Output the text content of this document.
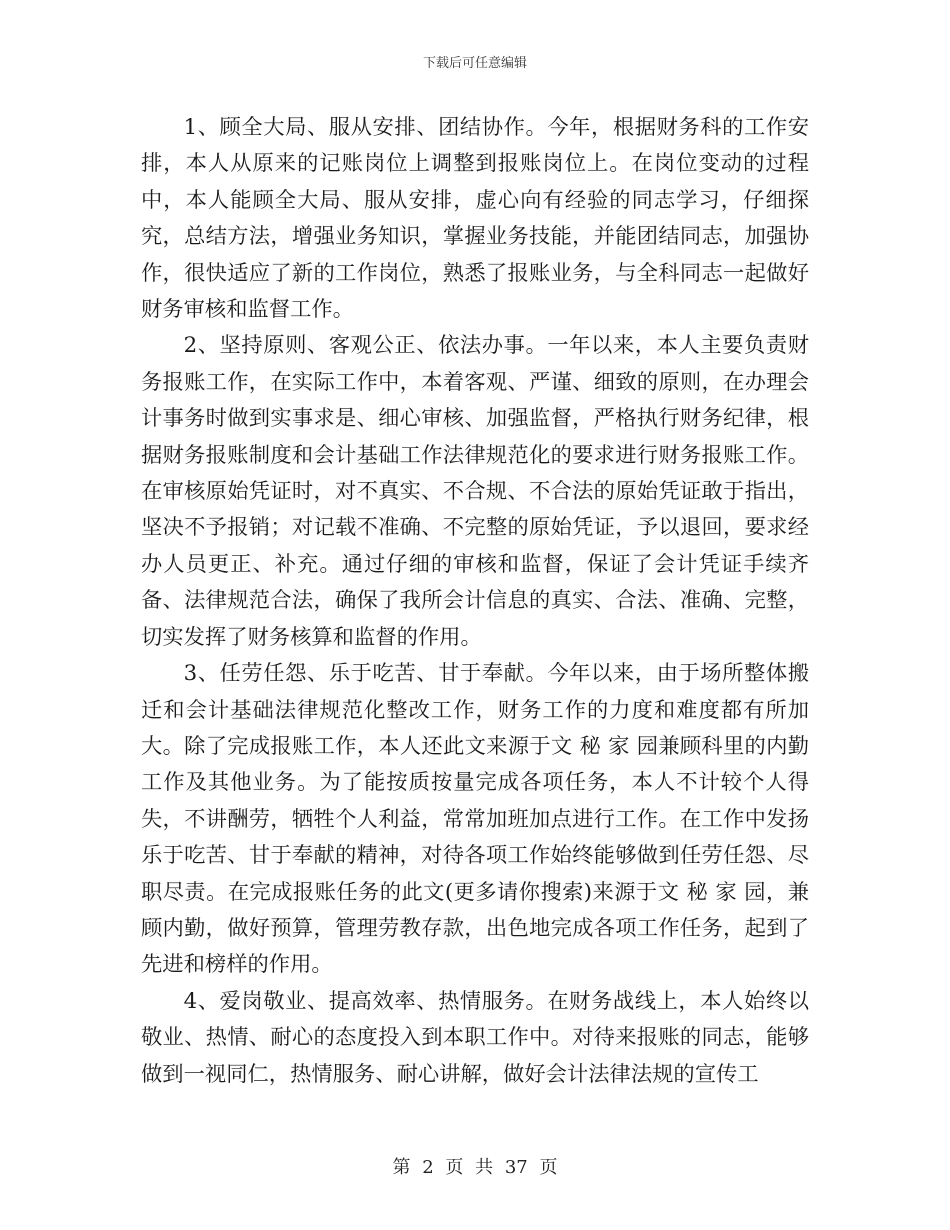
下载后可任意编辑

1、顾全大局、服从安排、团结协作。今年，根据财务科的工作安排，本人从原来的记账岗位上调整到报账岗位上。在岗位变动的过程中，本人能顾全大局、服从安排，虚心向有经验的同志学习，仔细探究，总结方法，增强业务知识，掌握业务技能，并能团结同志，加强协作，很快适应了新的工作岗位，熟悉了报账业务，与全科同志一起做好财务审核和监督工作。

2、坚持原则、客观公正、依法办事。一年以来，本人主要负责财务报账工作，在实际工作中，本着客观、严谨、细致的原则，在办理会计事务时做到实事求是、细心审核、加强监督，严格执行财务纪律，根据财务报账制度和会计基础工作法律规范化的要求进行财务报账工作。在审核原始凭证时，对不真实、不合规、不合法的原始凭证敢于指出，坚决不予报销；对记载不准确、不完整的原始凭证，予以退回，要求经办人员更正、补充。通过仔细的审核和监督，保证了会计凭证手续齐备、法律规范合法，确保了我所会计信息的真实、合法、准确、完整，切实发挥了财务核算和监督的作用。

3、任劳任怨、乐于吃苦、甘于奉献。今年以来，由于场所整体搬迁和会计基础法律规范化整改工作，财务工作的力度和难度都有所加大。除了完成报账工作，本人还此文来源于文 秘 家 园兼顾科里的内勤工作及其他业务。为了能按质按量完成各项任务，本人不计较个人得失，不讲酬劳，牺牲个人利益，常常加班加点进行工作。在工作中发扬乐于吃苦、甘于奉献的精神，对待各项工作始终能够做到任劳任怨、尽职尽责。在完成报账任务的此文(更多请你搜索)来源于文 秘 家 园，兼顾内勤，做好预算，管理劳教存款，出色地完成各项工作任务，起到了先进和榜样的作用。

4、爱岗敬业、提高效率、热情服务。在财务战线上，本人始终以敬业、热情、耐心的态度投入到本职工作中。对待来报账的同志，能够做到一视同仁，热情服务、耐心讲解，做好会计法律法规的宣传工

第 2 页 共 37 页
